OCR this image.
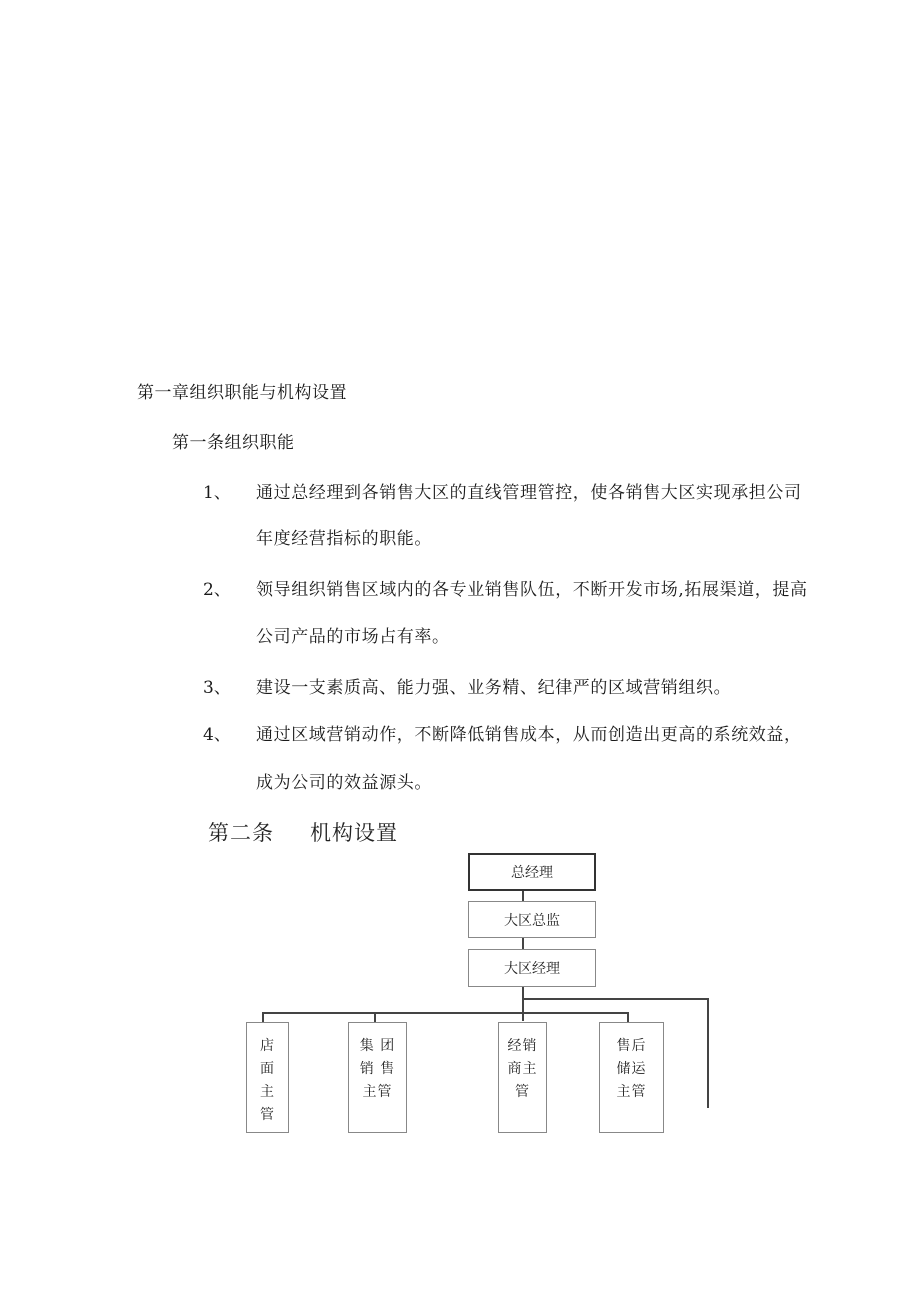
第一章组织职能与机构设置
第一条组织职能
1、 通过总经理到各销售大区的直线管理管控，使各销售大区实现承担公司
年度经营指标的职能。
2、 领导组织销售区域内的各专业销售队伍，不断开发市场,拓展渠道，提高
公司产品的市场占有率。
3、 建设一支素质高、能力强、业务精、纪律严的区域营销组织。
4、 通过区域营销动作，不断降低销售成本，从而创造出更高的系统效益，
成为公司的效益源头。
第二条 机构设置
总经理
大区总监
大区经理
店
面
主
管
集 团
销 售
主管
经销
商主
管
售后
储运
主管
